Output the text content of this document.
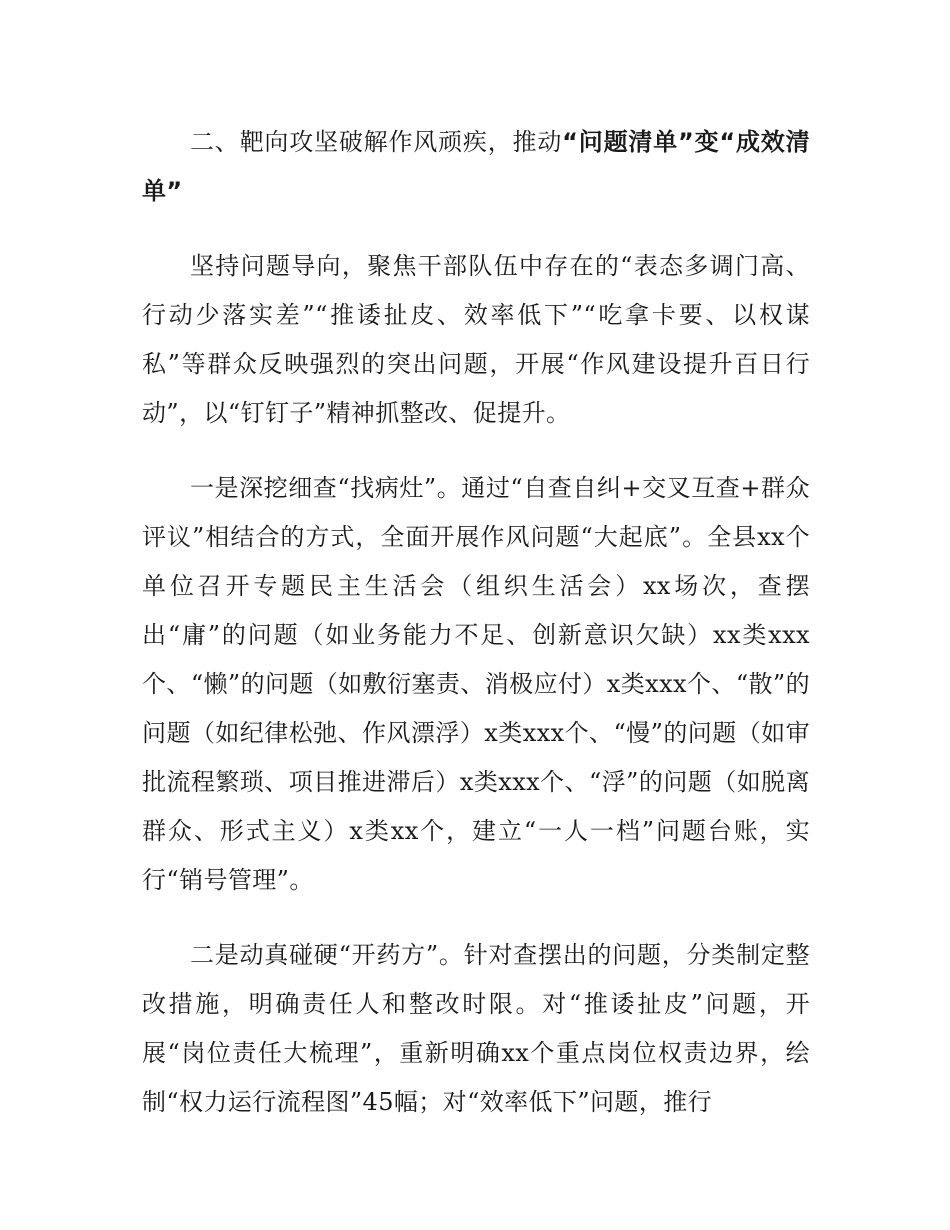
二、靶向攻坚破解作风顽疾，推动“问题清单”变“成效清单”

坚持问题导向，聚焦干部队伍中存在的“表态多调门高、行动少落实差”“推诿扯皮、效率低下”“吃拿卡要、以权谋私”等群众反映强烈的突出问题，开展“作风建设提升百日行动”，以“钉钉子”精神抓整改、促提升。

一是深挖细查“找病灶”。通过“自查自纠+交叉互查+群众评议”相结合的方式，全面开展作风问题“大起底”。全县xx个单位召开专题民主生活会（组织生活会）xx场次，查摆出“庸”的问题（如业务能力不足、创新意识欠缺）xx类xxx个、“懒”的问题（如敷衍塞责、消极应付）x类xxx个、“散”的问题（如纪律松弛、作风漂浮）x类xxx个、“慢”的问题（如审批流程繁琐、项目推进滞后）x类xxx个、“浮”的问题（如脱离群众、形式主义）x类xx个，建立“一人一档”问题台账，实行“销号管理”。

二是动真碰硬“开药方”。针对查摆出的问题，分类制定整改措施，明确责任人和整改时限。对“推诿扯皮”问题，开展“岗位责任大梳理”，重新明确xx个重点岗位权责边界，绘制“权力运行流程图”45幅；对“效率低下”问题，推行
